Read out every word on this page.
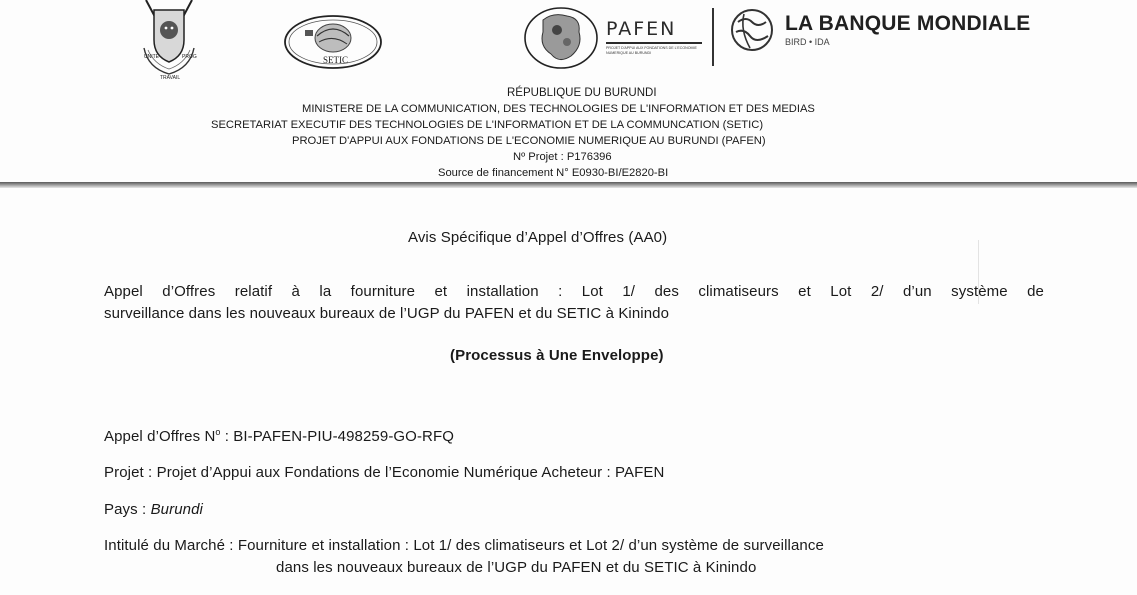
UNITE
TRAVAIL
PROG	SETIC
PAFEN
PROJET D'APPUI AUX FONDATIONS DE L'ECONOMIE NUMERIQUE AU BURUNDI
LA BANQUE MONDIALE
BIRD • IDA
RÉPUBLIQUE DU BURUNDI
MINISTERE DE LA COMMUNICATION, DES TECHNOLOGIES DE L'INFORMATION ET DES MEDIAS
SECRETARIAT EXECUTIF DES TECHNOLOGIES DE L'INFORMATION ET DE LA COMMUNCATION (SETIC)
PROJET D'APPUI AUX FONDATIONS DE L'ECONOMIE NUMERIQUE AU BURUNDI (PAFEN)
Nº Projet : P176396
Source de financement N° E0930-BI/E2820-BI
Avis Spécifique d’Appel d’Offres (AA0)
Appel d’Offres relatif à la fourniture et installation : Lot 1/ des climatiseurs et Lot 2/ d’un système de
surveillance dans les nouveaux bureaux de l’UGP du PAFEN et du SETIC à Kinindo
(Processus à Une Enveloppe)
Appel d’Offres $N^o$ : BI-PAFEN-PIU-498259-GO-RFQ
Projet : Projet d’Appui aux Fondations de l’Economie Numérique Acheteur : PAFEN
Pays : Burundi
Intitulé du Marché : Fourniture et installation : Lot 1/ des climatiseurs et Lot 2/ d’un système de surveillance
dans les nouveaux bureaux de l’UGP du PAFEN et du SETIC à Kinindo
